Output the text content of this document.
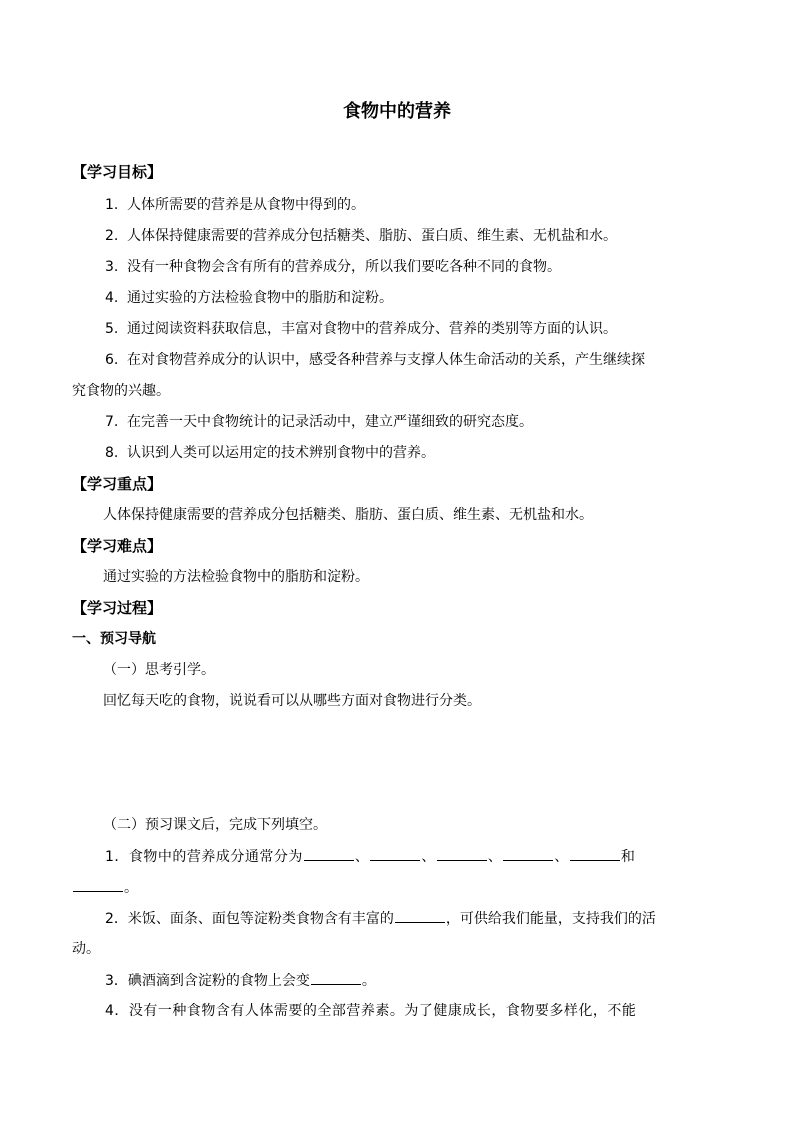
食物中的营养
【学习目标】
1. 人体所需要的营养是从食物中得到的。
2. 人体保持健康需要的营养成分包括糖类、脂肪、蛋白质、维生素、无机盐和水。
3. 没有一种食物会含有所有的营养成分，所以我们要吃各种不同的食物。
4. 通过实验的方法检验食物中的脂肪和淀粉。
5. 通过阅读资料获取信息，丰富对食物中的营养成分、营养的类别等方面的认识。
6. 在对食物营养成分的认识中，感受各种营养与支撑人体生命活动的关系，产生继续探
究食物的兴趣。
7. 在完善一天中食物统计的记录活动中，建立严谨细致的研究态度。
8. 认识到人类可以运用定的技术辨别食物中的营养。
【学习重点】
人体保持健康需要的营养成分包括糖类、脂肪、蛋白质、维生素、无机盐和水。
【学习难点】
通过实验的方法检验食物中的脂肪和淀粉。
【学习过程】
一、预习导航
（一）思考引学。
回忆每天吃的食物，说说看可以从哪些方面对食物进行分类。
（二）预习课文后，完成下列填空。
1．食物中的营养成分通常分为	、	、	、	、	和
。
2．米饭、面条、面包等淀粉类食物含有丰富的	，可供给我们能量，支持我们的活
动。
3．碘酒滴到含淀粉的食物上会变	。
4．没有一种食物含有人体需要的全部营养素。为了健康成长，食物要多样化，不能
